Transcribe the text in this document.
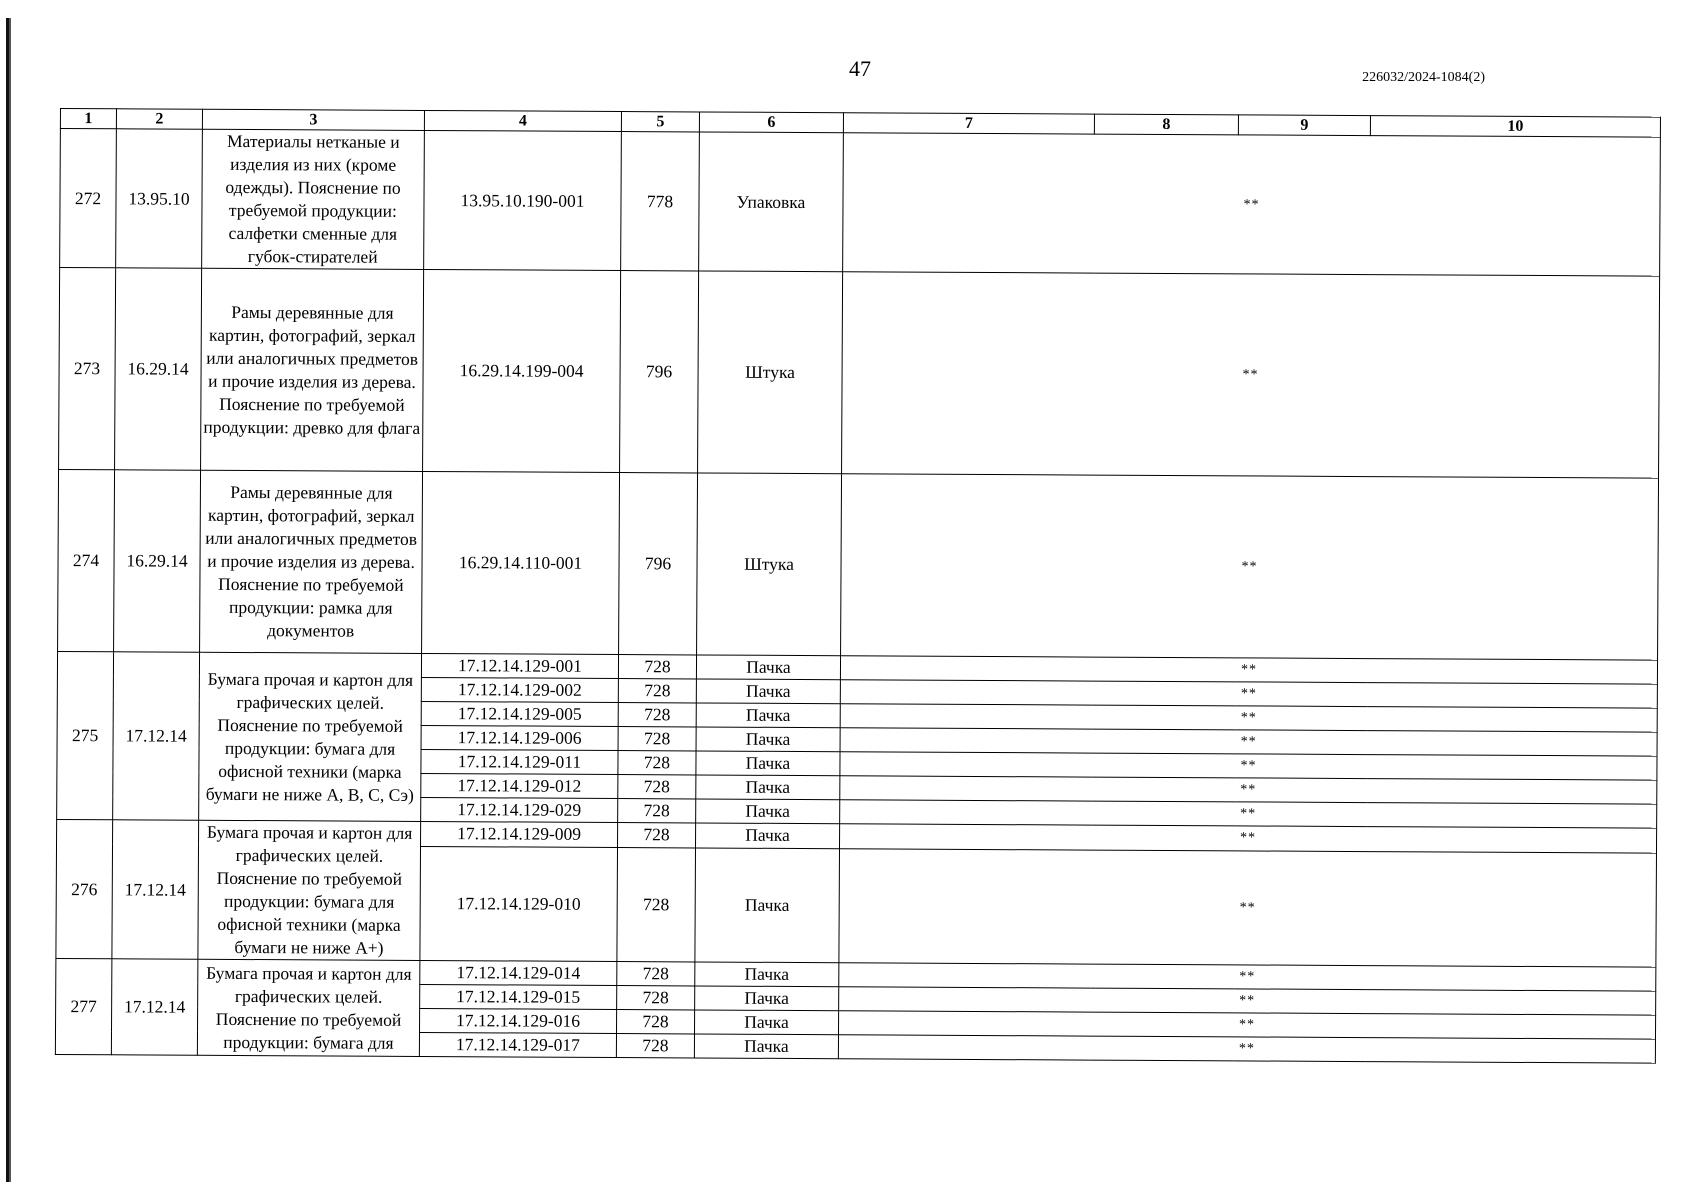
47	226032/2024-1084(2)
1	2	3	4	5	6	7	8	9	10
272	13.95.10	Материалы нетканые и изделия из них (кроме одежды). Пояснение по требуемой продукции: салфетки сменные для губок-стирателей	13.95.10.190-001	778	Упаковка	**			
273	16.29.14	Рамы деревянные для картин, фотографий, зеркал или аналогичных предметов и прочие изделия из дерева. Пояснение по требуемой продукции: древко для флага	16.29.14.199-004	796	Штука	**			
274	16.29.14	Рамы деревянные для картин, фотографий, зеркал или аналогичных предметов и прочие изделия из дерева. Пояснение по требуемой продукции: рамка для документов	16.29.14.110-001	796	Штука	**			
275	17.12.14	Бумага прочая и картон для графических целей. Пояснение по требуемой продукции: бумага для офисной техники (марка бумаги не ниже А, В, С, Сэ)	17.12.14.129-001	728	Пачка	**			
			17.12.14.129-002	728	Пачка	**			
			17.12.14.129-005	728	Пачка	**			
			17.12.14.129-006	728	Пачка	**			
			17.12.14.129-011	728	Пачка	**			
			17.12.14.129-012	728	Пачка	**			
			17.12.14.129-029	728	Пачка	**			
276	17.12.14	Бумага прочая и картон для графических целей. Пояснение по требуемой продукции: бумага для офисной техники (марка бумаги не ниже А+)	17.12.14.129-009	728	Пачка	**			
			17.12.14.129-010	728	Пачка	**			
277	17.12.14	Бумага прочая и картон для графических целей. Пояснение по требуемой продукции: бумага для	17.12.14.129-014	728	Пачка	**			
			17.12.14.129-015	728	Пачка	**			
			17.12.14.129-016	728	Пачка	**			
			17.12.14.129-017	728	Пачка	**			
